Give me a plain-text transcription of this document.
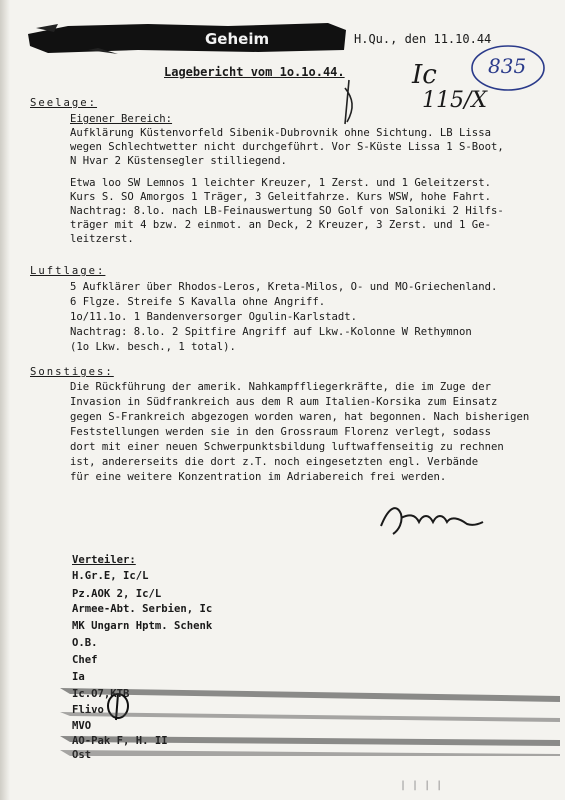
Geheim	H.Qu., den 11.10.44
835
Lagebericht vom 1o.1o.44.	Ic
115/X
Seelage:
Eigener Bereich:
Aufklärung Küstenvorfeld Sibenik-Dubrovnik ohne Sichtung. LB Lissa
wegen Schlechtwetter nicht durchgeführt. Vor S-Küste Lissa 1 S-Boot,
N Hvar 2 Küstensegler stilliegend.
Etwa loo SW Lemnos 1 leichter Kreuzer, 1 Zerst. und 1 Geleitzerst.
Kurs S. SO Amorgos 1 Träger, 3 Geleitfahrze. Kurs WSW, hohe Fahrt.
Nachtrag: 8.lo. nach LB-Feinauswertung SO Golf von Saloniki 2 Hilfs-
träger mit 4 bzw. 2 einmot. an Deck, 2 Kreuzer, 3 Zerst. und 1 Ge-
leitzerst.
Luftlage:
5 Aufklärer über Rhodos-Leros, Kreta-Milos, O- und MO-Griechenland.
6 Flgze. Streife S Kavalla ohne Angriff.
1o/11.1o. 1 Bandenversorger Ogulin-Karlstadt.
Nachtrag: 8.lo. 2 Spitfire Angriff auf Lkw.-Kolonne W Rethymnon
(1o Lkw. besch., 1 total).
Sonstiges:
Die Rückführung der amerik. Nahkampffliegerkräfte, die im Zuge der
Invasion in Südfrankreich aus dem R aum Italien-Korsika zum Einsatz
gegen S-Frankreich abgezogen worden waren, hat begonnen. Nach bisherigen
Feststellungen werden sie in den Grossraum Florenz verlegt, sodass
dort mit einer neuen Schwerpunktsbildung luftwaffenseitig zu rechnen
ist, andererseits die dort z.T. noch eingesetzten engl. Verbände
für eine weitere Konzentration im Adriabereich frei werden.
Verteiler:
H.Gr.E, Ic/L
Pz.AOK 2, Ic/L
Armee-Abt. Serbien, Ic
MK Ungarn Hptm. Schenk
O.B.
Chef
Ia
Flivo
MVO
Ost
| | | |
